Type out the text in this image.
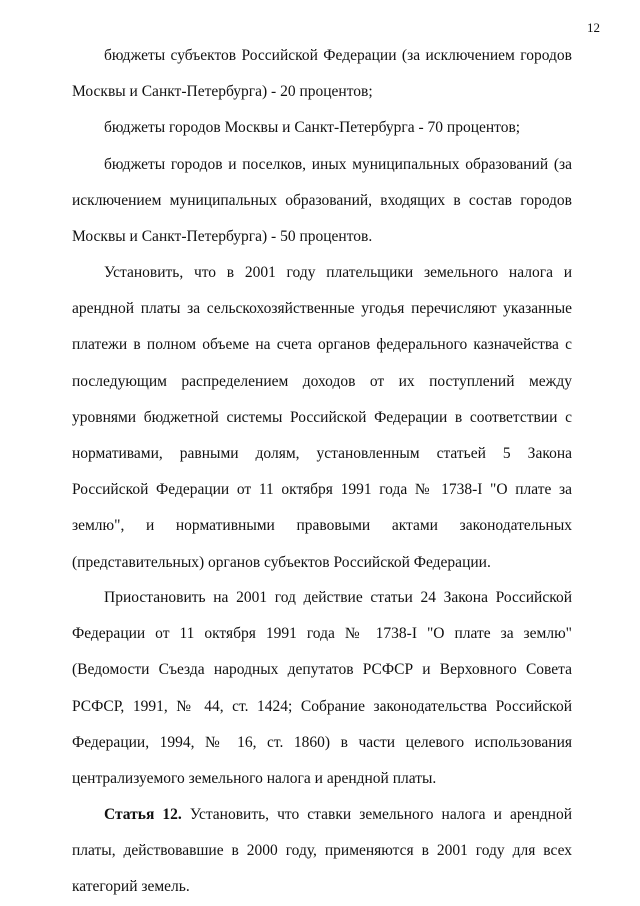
12
бюджеты субъектов Российской Федерации (за исключением городов Москвы и Санкт-Петербурга) - 20 процентов;
бюджеты городов Москвы и Санкт-Петербурга - 70 процентов;
бюджеты городов и поселков, иных муниципальных образований (за исключением муниципальных образований, входящих в состав городов Москвы и Санкт-Петербурга) - 50 процентов.
Установить, что в 2001 году плательщики земельного налога и арендной платы за сельскохозяйственные угодья перечисляют указанные платежи в полном объеме на счета органов федерального казначейства с последующим распределением доходов от их поступлений между уровнями бюджетной системы Российской Федерации в соответствии с нормативами, равными долям, установленным статьей 5 Закона Российской Федерации от 11 октября 1991 года № 1738-I "О плате за землю", и нормативными правовыми актами законодательных (представительных) органов субъектов Российской Федерации.
Приостановить на 2001 год действие статьи 24 Закона Российской Федерации от 11 октября 1991 года № 1738-I "О плате за землю" (Ведомости Съезда народных депутатов РСФСР и Верховного Совета РСФСР, 1991, № 44, ст. 1424; Собрание законодательства Российской Федерации, 1994, № 16, ст. 1860) в части целевого использования централизуемого земельного налога и арендной платы.
Статья 12. Установить, что ставки земельного налога и арендной платы, действовавшие в 2000 году, применяются в 2001 году для всех категорий земель.
